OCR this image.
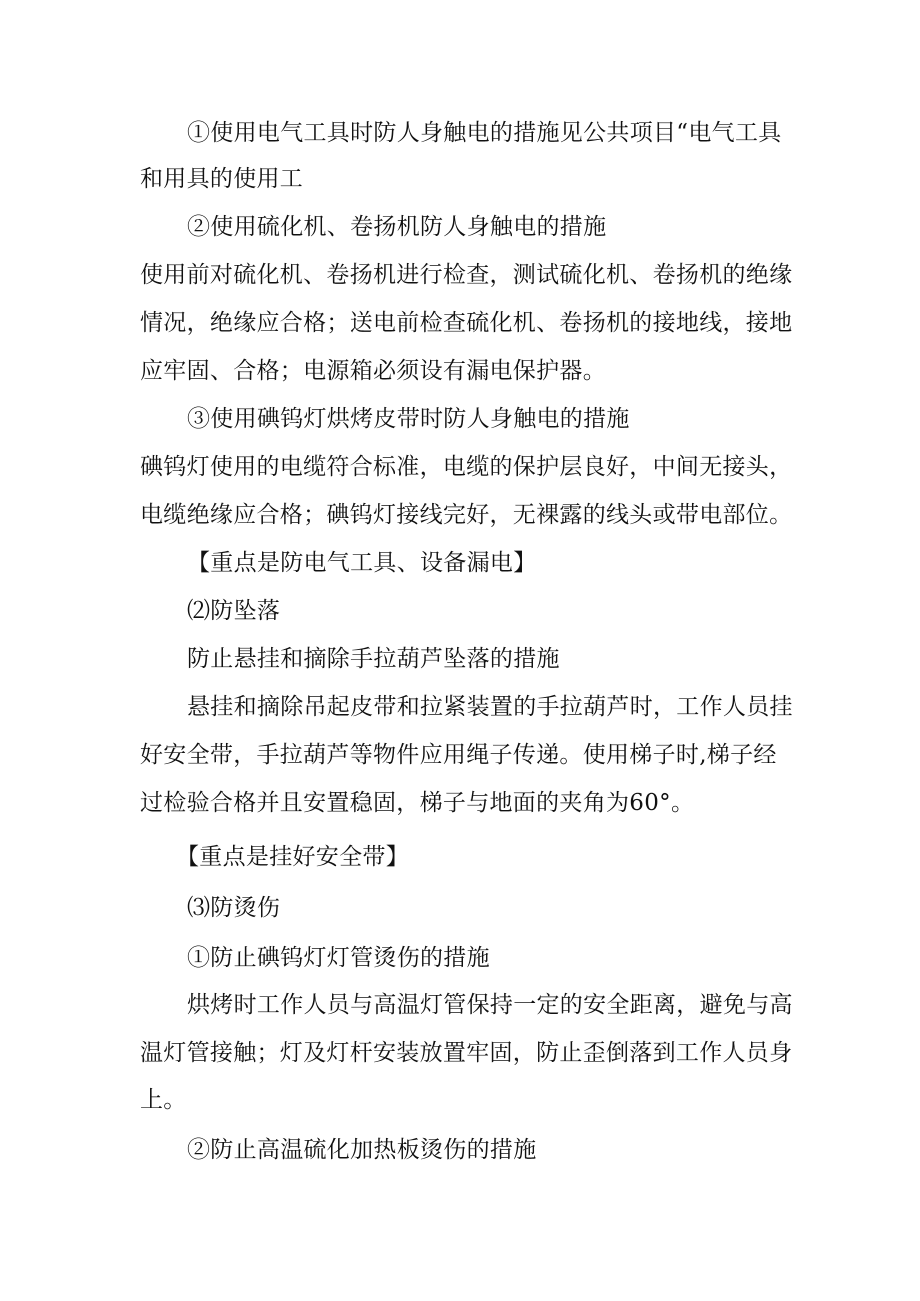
①使用电气工具时防人身触电的措施见公共项目“电气工具
和用具的使用工
②使用硫化机、卷扬机防人身触电的措施
使用前对硫化机、卷扬机进行检查，测试硫化机、卷扬机的绝缘
情况，绝缘应合格；送电前检查硫化机、卷扬机的接地线，接地
应牢固、合格；电源箱必须设有漏电保护器。
③使用碘钨灯烘烤皮带时防人身触电的措施
碘钨灯使用的电缆符合标准，电缆的保护层良好，中间无接头，
电缆绝缘应合格；碘钨灯接线完好，无裸露的线头或带电部位。
【重点是防电气工具、设备漏电】
⑵防坠落
防止悬挂和摘除手拉葫芦坠落的措施
悬挂和摘除吊起皮带和拉紧装置的手拉葫芦时，工作人员挂
好安全带，手拉葫芦等物件应用绳子传递。使用梯子时,梯子经
过检验合格并且安置稳固，梯子与地面的夹角为60°。
【重点是挂好安全带】
⑶防烫伤
①防止碘钨灯灯管烫伤的措施
烘烤时工作人员与高温灯管保持一定的安全距离，避免与高
温灯管接触；灯及灯杆安装放置牢固，防止歪倒落到工作人员身
上。
②防止高温硫化加热板烫伤的措施
